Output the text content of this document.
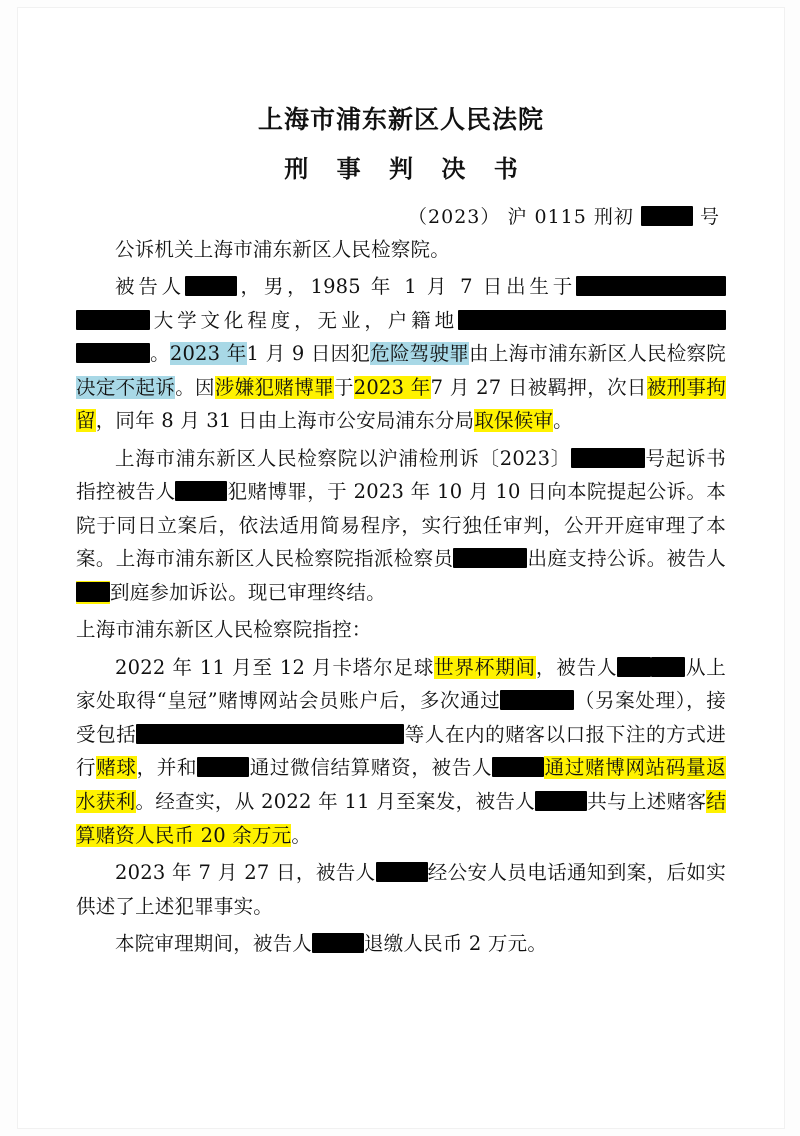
上海市浦东新区人民法院
刑 事 判 决 书
（2023） 沪 0115 刑初	号

公诉机关上海市浦东新区人民检察院。

被告人	，男，1985 年 1 月 7 日出生于大学文化程度，无业，户籍地。2023 年1 月 9 日因犯危险驾驶罪由上海市浦东新区人民检察院决定不起诉。因涉嫌犯赌博罪于2023 年7 月 27 日被羁押，次日被刑事拘留，同年 8 月 31 日由上海市公安局浦东分局取保候审。

上海市浦东新区人民检察院以沪浦检刑诉〔2023〕	号起诉书指控被告人	犯赌博罪，于 2023 年 10 月 10 日向本院提起公诉。本院于同日立案后，依法适用简易程序，实行独任审判，公开开庭审理了本案。上海市浦东新区人民检察院指派检察员	出庭支持公诉。被告人到庭参加诉讼。现已审理终结。

上海市浦东新区人民检察院指控：

2022 年 11 月至 12 月卡塔尔足球世界杯期间，被告人	从上家处取得“皇冠”赌博网站会员账户后，多次通过	（另案处理），接受包括	等人在内的赌客以口报下注的方式进行赌球，并和	通过微信结算赌资，被告人	通过赌博网站码量返水获利。经查实，从 2022 年 11 月至案发，被告人	共与上述赌客结算赌资人民币 20 余万元。

2023 年 7 月 27 日，被告人	经公安人员电话通知到案，后如实供述了上述犯罪事实。

本院审理期间，被告人	退缴人民币 2 万元。
